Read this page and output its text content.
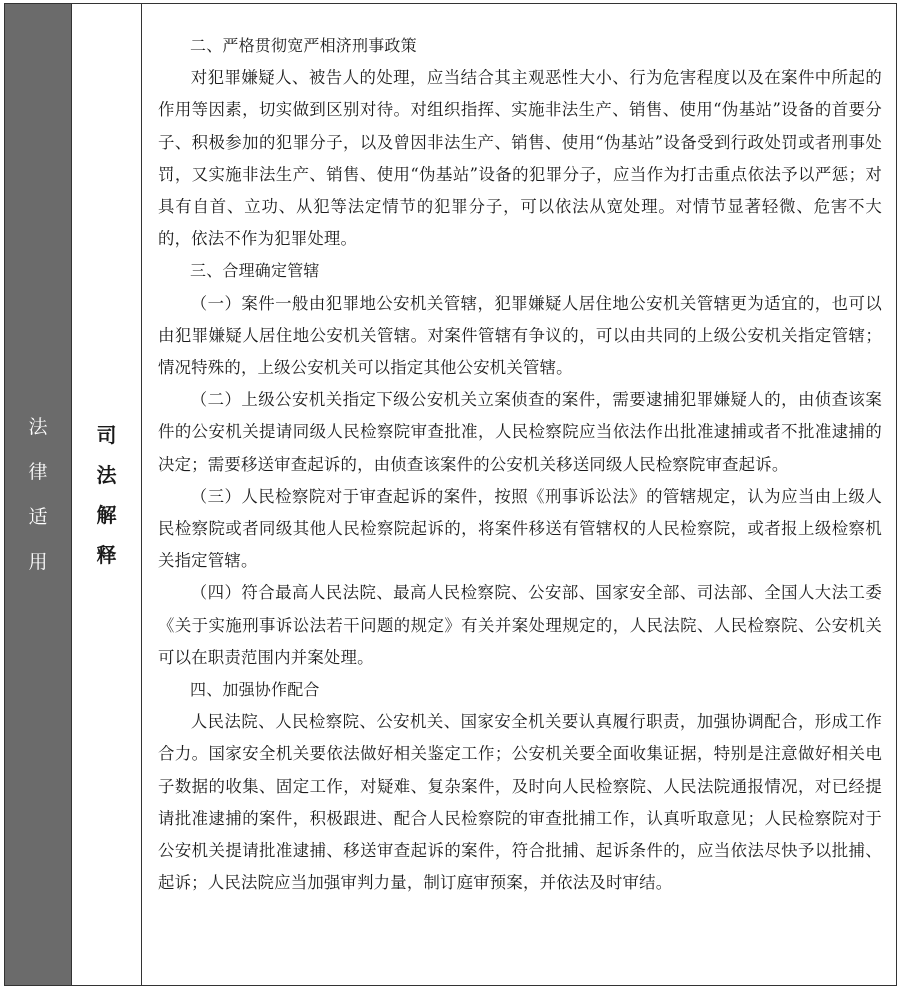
法
律
适
用
司
法
解
释

二、严格贯彻宽严相济刑事政策

对犯罪嫌疑人、被告人的处理，应当结合其主观恶性大小、行为危害程度以及在案件中所起的作用等因素，切实做到区别对待。对组织指挥、实施非法生产、销售、使用“伪基站”设备的首要分子、积极参加的犯罪分子，以及曾因非法生产、销售、使用“伪基站”设备受到行政处罚或者刑事处罚，又实施非法生产、销售、使用“伪基站”设备的犯罪分子，应当作为打击重点依法予以严惩；对具有自首、立功、从犯等法定情节的犯罪分子，可以依法从宽处理。对情节显著轻微、危害不大的，依法不作为犯罪处理。

三、合理确定管辖

（一）案件一般由犯罪地公安机关管辖，犯罪嫌疑人居住地公安机关管辖更为适宜的，也可以由犯罪嫌疑人居住地公安机关管辖。对案件管辖有争议的，可以由共同的上级公安机关指定管辖；情况特殊的，上级公安机关可以指定其他公安机关管辖。

（二）上级公安机关指定下级公安机关立案侦查的案件，需要逮捕犯罪嫌疑人的，由侦查该案件的公安机关提请同级人民检察院审查批准，人民检察院应当依法作出批准逮捕或者不批准逮捕的决定；需要移送审查起诉的，由侦查该案件的公安机关移送同级人民检察院审查起诉。

（三）人民检察院对于审查起诉的案件，按照《刑事诉讼法》的管辖规定，认为应当由上级人民检察院或者同级其他人民检察院起诉的，将案件移送有管辖权的人民检察院，或者报上级检察机关指定管辖。

（四）符合最高人民法院、最高人民检察院、公安部、国家安全部、司法部、全国人大法工委《关于实施刑事诉讼法若干问题的规定》有关并案处理规定的，人民法院、人民检察院、公安机关可以在职责范围内并案处理。

四、加强协作配合

人民法院、人民检察院、公安机关、国家安全机关要认真履行职责，加强协调配合，形成工作合力。国家安全机关要依法做好相关鉴定工作；公安机关要全面收集证据，特别是注意做好相关电子数据的收集、固定工作，对疑难、复杂案件，及时向人民检察院、人民法院通报情况，对已经提请批准逮捕的案件，积极跟进、配合人民检察院的审查批捕工作，认真听取意见；人民检察院对于公安机关提请批准逮捕、移送审查起诉的案件，符合批捕、起诉条件的，应当依法尽快予以批捕、起诉；人民法院应当加强审判力量，制订庭审预案，并依法及时审结。
